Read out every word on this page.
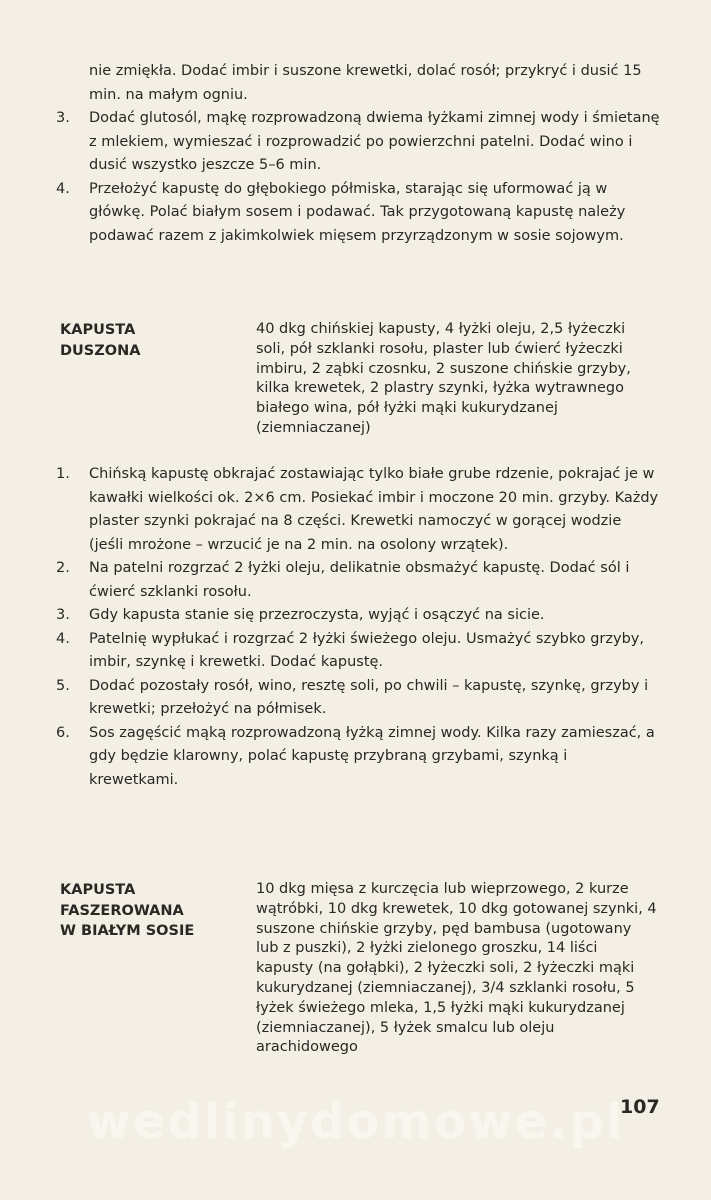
nie zmiękła. Dodać imbir i suszone krewetki, dolać rosół; przykryć i dusić 15 min. na małym ogniu.
3. Dodać glutosól, mąkę rozprowadzoną dwiema łyżkami zimnej wody i śmietanę z mlekiem, wymieszać i rozprowadzić po powierzchni patelni. Dodać wino i dusić wszystko jeszcze 5–6 min.
4. Przełożyć kapustę do głębokiego półmiska, starając się uformować ją w główkę. Polać białym sosem i podawać. Tak przygotowaną kapustę należy podawać razem z jakimkolwiek mięsem przyrządzonym w sosie sojowym.
KAPUSTA DUSZONA
40 dkg chińskiej kapusty, 4 łyżki oleju, 2,5 łyżeczki soli, pół szklanki rosołu, plaster lub ćwierć łyżeczki imbiru, 2 ząbki czosnku, 2 suszone chińskie grzyby, kilka krewetek, 2 plastry szynki, łyżka wytrawnego białego wina, pół łyżki mąki kukurydzanej (ziemniaczanej)
1. Chińską kapustę obkrajać zostawiając tylko białe grube rdzenie, pokrajać je w kawałki wielkości ok. 2×6 cm. Posiekać imbir i moczone 20 min. grzyby. Każdy plaster szynki pokrajać na 8 części. Krewetki namoczyć w gorącej wodzie (jeśli mrożone – wrzucić je na 2 min. na osolony wrzątek).
2. Na patelni rozgrzać 2 łyżki oleju, delikatnie obsmażyć kapustę. Dodać sól i ćwierć szklanki rosołu.
3. Gdy kapusta stanie się przezroczysta, wyjąć i osączyć na sicie.
4. Patelnię wypłukać i rozgrzać 2 łyżki świeżego oleju. Usmażyć szybko grzyby, imbir, szynkę i krewetki. Dodać kapustę.
5. Dodać pozostały rosół, wino, resztę soli, po chwili – kapustę, szynkę, grzyby i krewetki; przełożyć na półmisek.
6. Sos zagęścić mąką rozprowadzoną łyżką zimnej wody. Kilka razy zamieszać, a gdy będzie klarowny, polać kapustę przybraną grzybami, szynką i krewetkami.
KAPUSTA FASZEROWANA W BIAŁYM SOSIE
10 dkg mięsa z kurczęcia lub wieprzowego, 2 kurze wątróbki, 10 dkg krewetek, 10 dkg gotowanej szynki, 4 suszone chińskie grzyby, pęd bambusa (ugotowany lub z puszki), 2 łyżki zielonego groszku, 14 liści kapusty (na gołąbki), 2 łyżeczki soli, 2 łyżeczki mąki kukurydzanej (ziemniaczanej), 3/4 szklanki rosołu, 5 łyżek świeżego mleka, 1,5 łyżki mąki kukurydzanej (ziemniaczanej), 5 łyżek smalcu lub oleju arachidowego
wedlinydomowe.pl
107
